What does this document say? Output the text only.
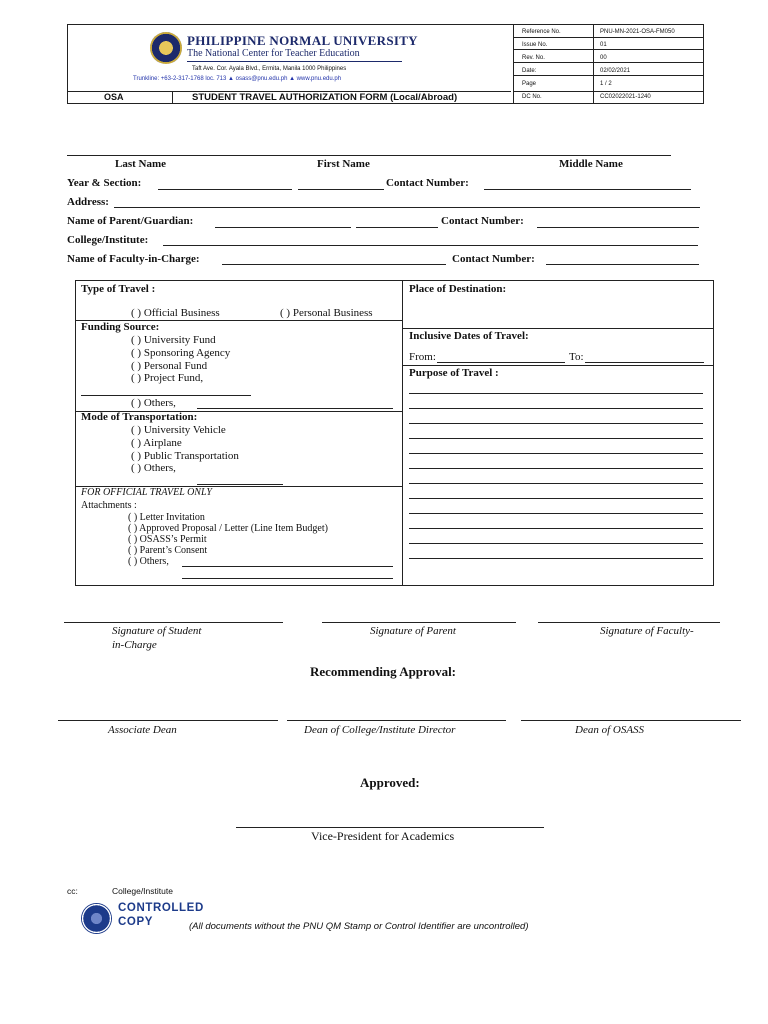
PHILIPPINE NORMAL UNIVERSITY
The National Center for Teacher Education
Taft Ave. Cor. Ayala Blvd., Ermita, Manila 1000 Philippines
Trunkline: +63-2-317-1768 loc. 713 ▲ osass@pnu.edu.ph ▲ www.pnu.edu.ph
OSA	STUDENT TRAVEL AUTHORIZATION FORM (Local/Abroad)
Reference No.	PNU-MN-2021-OSA-FM050
Issue No.	01
Rev. No.	00
Date:	02/02/2021
Page	1 / 2
DC No.	CC02022021-1240
Last Name	First Name	Middle Name
Year & Section:	Contact Number:
Address:
Name of Parent/Guardian:	Contact Number:
College/Institute:
Name of Faculty-in-Charge:	Contact Number:
Type of Travel :
( ) Official Business	( ) Personal Business
Funding Source:
( ) University Fund
( ) Sponsoring Agency
( ) Personal Fund
( ) Project Fund,
( ) Others,
Mode of Transportation:
( ) University Vehicle
( ) Airplane
( ) Public Transportation
( ) Others,
FOR OFFICIAL TRAVEL ONLY
Attachments :
( ) Letter Invitation
( ) Approved Proposal / Letter (Line Item Budget)
( ) OSASS’s Permit
( ) Parent’s Consent
( ) Others,
Place of Destination:
Inclusive Dates of Travel:
From:	To:
Purpose of Travel :
Signature of Student
in-Charge
Signature of Parent	Signature of Faculty-
Recommending Approval:
Associate Dean	Dean of College/Institute Director	Dean of OSASS
Approved:
Vice-President for Academics
cc:	College/Institute
CONTROLLED
COPY	(All documents without the PNU QM Stamp or Control Identifier are uncontrolled)
